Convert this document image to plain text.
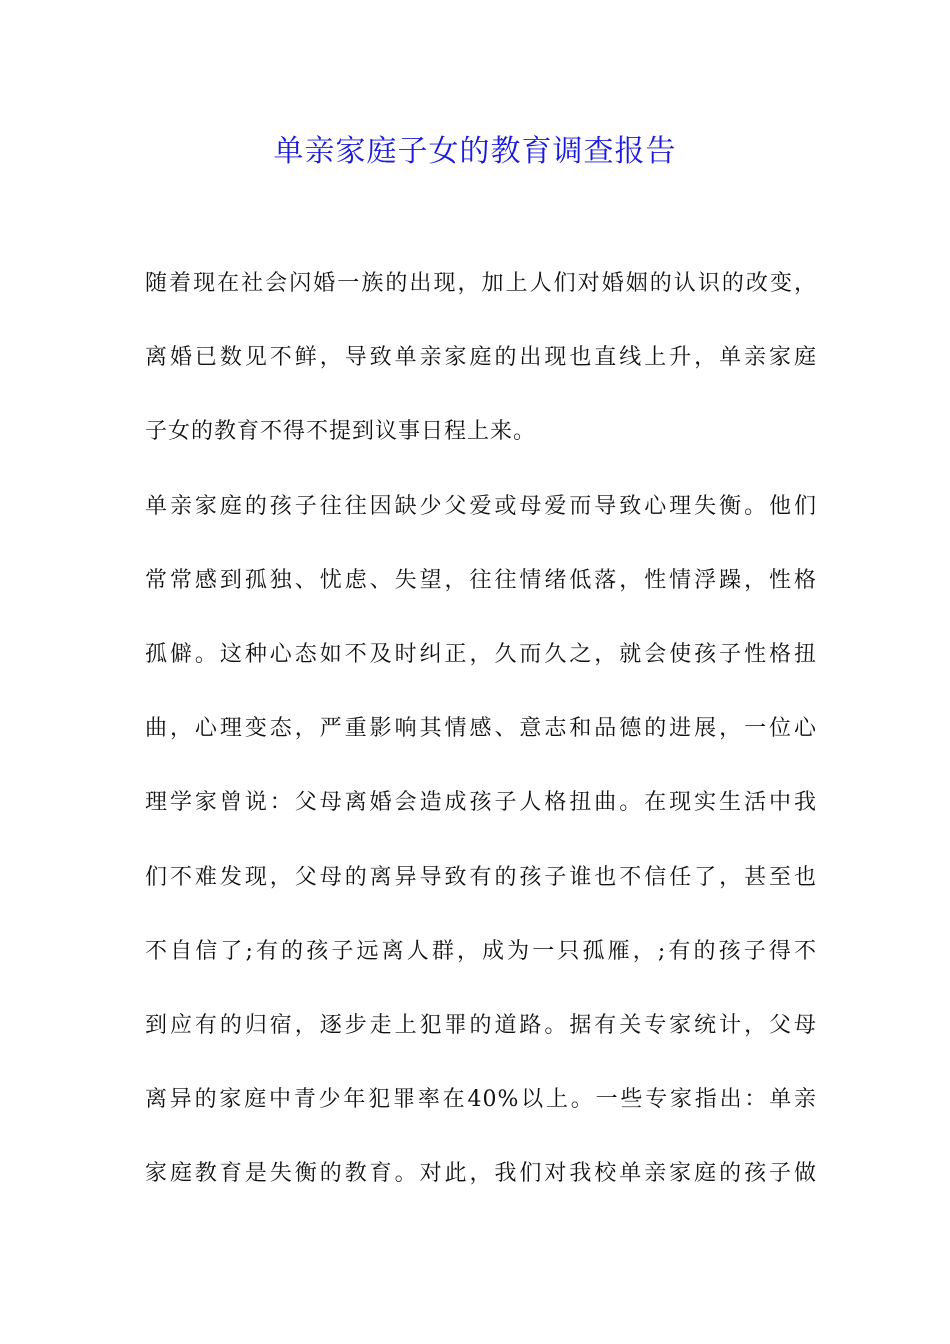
单亲家庭子女的教育调查报告
随着现在社会闪婚一族的出现，加上人们对婚姻的认识的改变，
离婚已数见不鲜，导致单亲家庭的出现也直线上升，单亲家庭
子女的教育不得不提到议事日程上来。
单亲家庭的孩子往往因缺少父爱或母爱而导致心理失衡。他们
常常感到孤独、忧虑、失望，往往情绪低落，性情浮躁，性格
孤僻。这种心态如不及时纠正，久而久之，就会使孩子性格扭
曲，心理变态，严重影响其情感、意志和品德的进展，一位心
理学家曾说：父母离婚会造成孩子人格扭曲。在现实生活中我
们不难发现，父母的离异导致有的孩子谁也不信任了，甚至也
不自信了;有的孩子远离人群，成为一只孤雁，;有的孩子得不
到应有的归宿，逐步走上犯罪的道路。据有关专家统计，父母
离异的家庭中青少年犯罪率在40%以上。一些专家指出：单亲
家庭教育是失衡的教育。对此，我们对我校单亲家庭的孩子做
